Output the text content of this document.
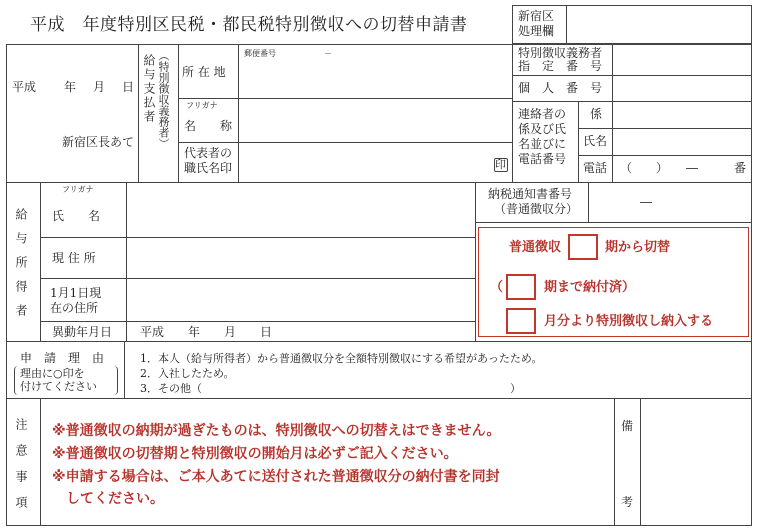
平成　年度特別区民税・都民税特別徴収への切替申請書	新宿区
処理欄
平成 年 月 日
新宿区長あて
給与支払者 （特別徴収義務者）	郵便番号	－
所 在 地
フリガナ
名　　称
代表者の
職氏名印	印
特別徴収義務者
指　定　番　号
個　人　番　号
連絡者の
係及び氏
名並びに
電話番号
係
氏名
電話 （　　）　　―　　　番
給与所得者
フリガナ
氏　　名
現 住 所
1月1日現
在の住所
異動年月日 平成　　年　　月　　日
納税通知書番号
（普通徴収分）	―
普通徴収	期から切替
（	期まで納付済）
月分より特別徴収し納入する
申　請　理　由
理由に○印を
付けてください
1．本人（給与所得者）から普通徴収分を全額特別徴収にする希望があったため。
2．入社したため。
3．その他（　　　　　　　　　　　　　　　　　　　　　　　　　　　　）
注意事項 ※普通徴収の納期が過ぎたものは、特別徴収への切替えはできません。
※普通徴収の切替期と特別徴収の開始月は必ずご記入ください。
※申請する場合は、ご本人あてに送付された普通徴収分の納付書を同封
　してください。
備
考
